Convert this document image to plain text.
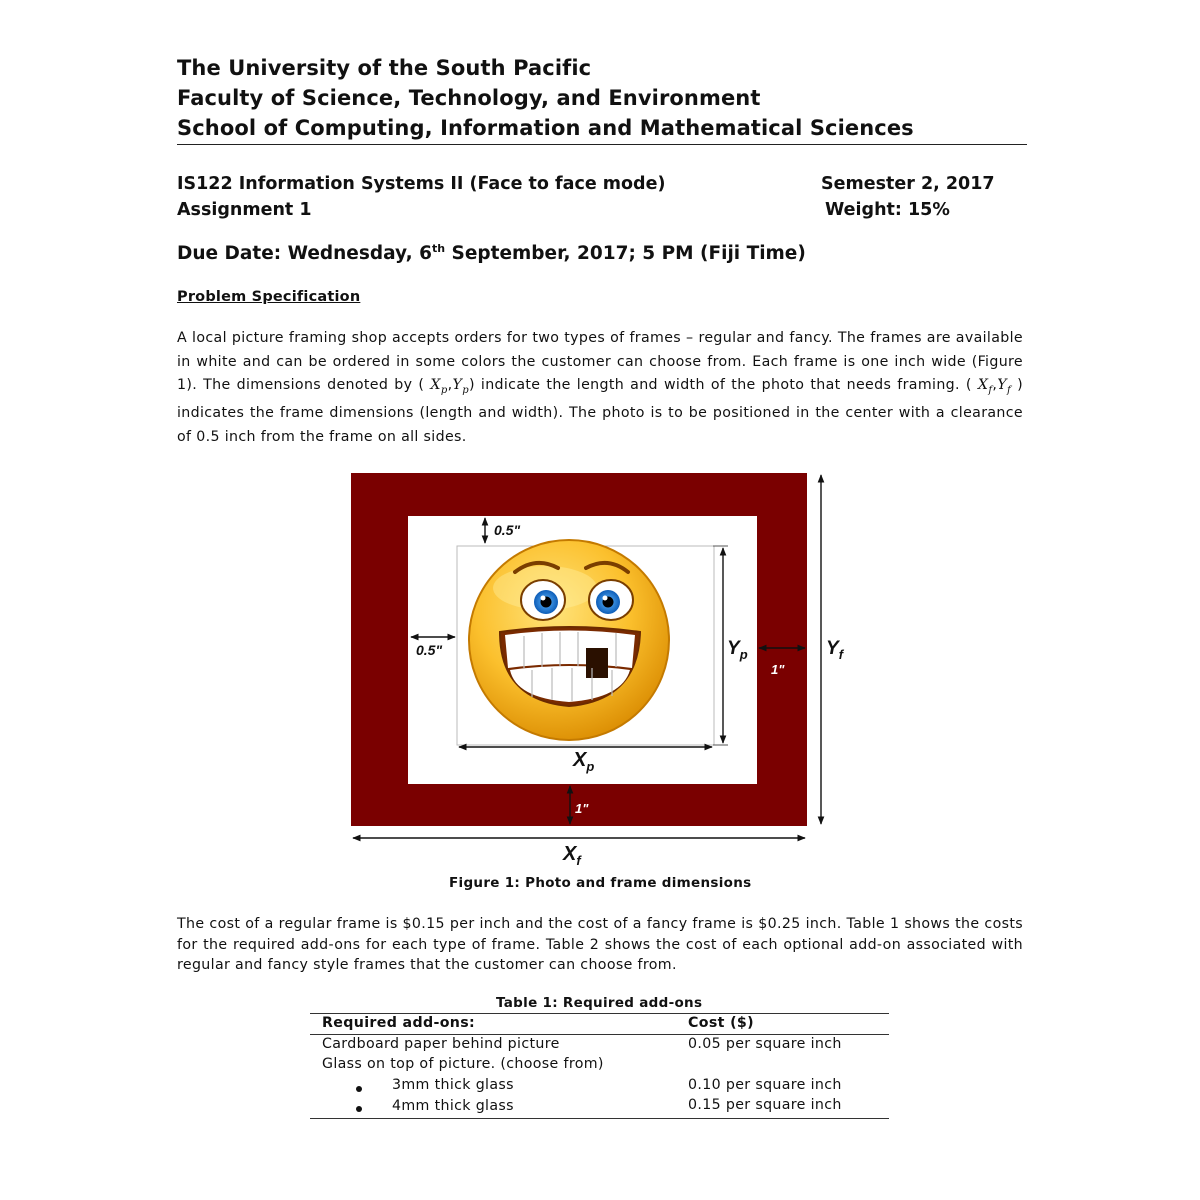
The University of the South Pacific
Faculty of Science, Technology, and Environment
School of Computing, Information and Mathematical Sciences
IS122 Information Systems II (Face to face mode)	Semester 2, 2017
Assignment 1	Weight: 15%
Due Date: Wednesday, 6th September, 2017; 5 PM (Fiji Time)
Problem Specification
A local picture framing shop accepts orders for two types of frames – regular and fancy. The frames are available in white and can be ordered in some colors the customer can choose from. Each frame is one inch wide (Figure 1). The dimensions denoted by ( $X_p,Y_p$) indicate the length and width of the photo that needs framing. ( $X_f,Y_f$ ) indicates the frame dimensions (length and width). The photo is to be positioned in the center with a clearance of 0.5 inch from the frame on all sides.
0.5"
0.5"	$Y_p$
1"
$Y_f$
$X_p$
1"
$X_f$
Figure 1: Photo and frame dimensions
The cost of a regular frame is $0.15 per inch and the cost of a fancy frame is $0.25 inch. Table 1 shows the costs for the required add-ons for each type of frame. Table 2 shows the cost of each optional add-on associated with regular and fancy style frames that the customer can choose from.
Table 1: Required add-ons
Required add-ons:	Cost ($)
Cardboard paper behind picture	0.05 per square inch
Glass on top of picture. (choose from)
3mm thick glass	0.10 per square inch
4mm thick glass	0.15 per square inch
